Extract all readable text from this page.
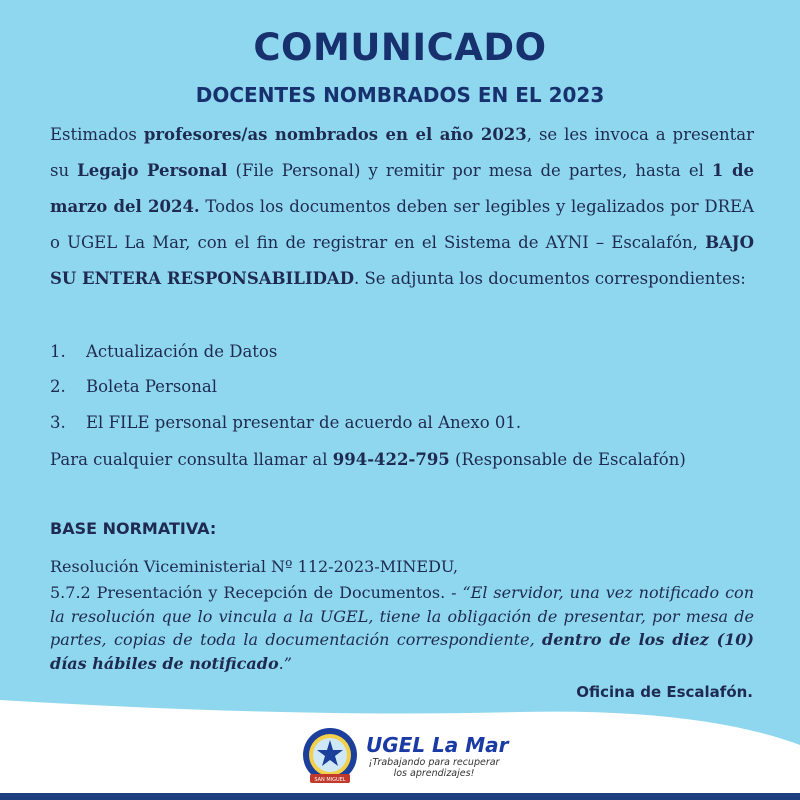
COMUNICADO
DOCENTES NOMBRADOS EN EL 2023
Estimados profesores/as nombrados en el año 2023, se les invoca a presentar su Legajo Personal (File Personal) y remitir por mesa de partes, hasta el 1 de marzo del 2024. Todos los documentos deben ser legibles y legalizados por DREA o UGEL La Mar, con el fin de registrar en el Sistema de AYNI – Escalafón, BAJO SU ENTERA RESPONSABILIDAD. Se adjunta los documentos correspondientes:
1. Actualización de Datos
2. Boleta Personal
3. El FILE personal presentar de acuerdo al Anexo 01.
Para cualquier consulta llamar al 994-422-795 (Responsable de Escalafón)
BASE NORMATIVA:
Resolución Viceministerial Nº 112-2023-MINEDU,
5.7.2 Presentación y Recepción de Documentos. - “El servidor, una vez notificado con la resolución que lo vincula a la UGEL, tiene la obligación de presentar, por mesa de partes, copias de toda la documentación correspondiente, dentro de los diez (10) días hábiles de notificado.”
Oficina de Escalafón.
SAN MIGUEL
UGEL La Mar
¡Trabajando para recuperar
los aprendizajes!
